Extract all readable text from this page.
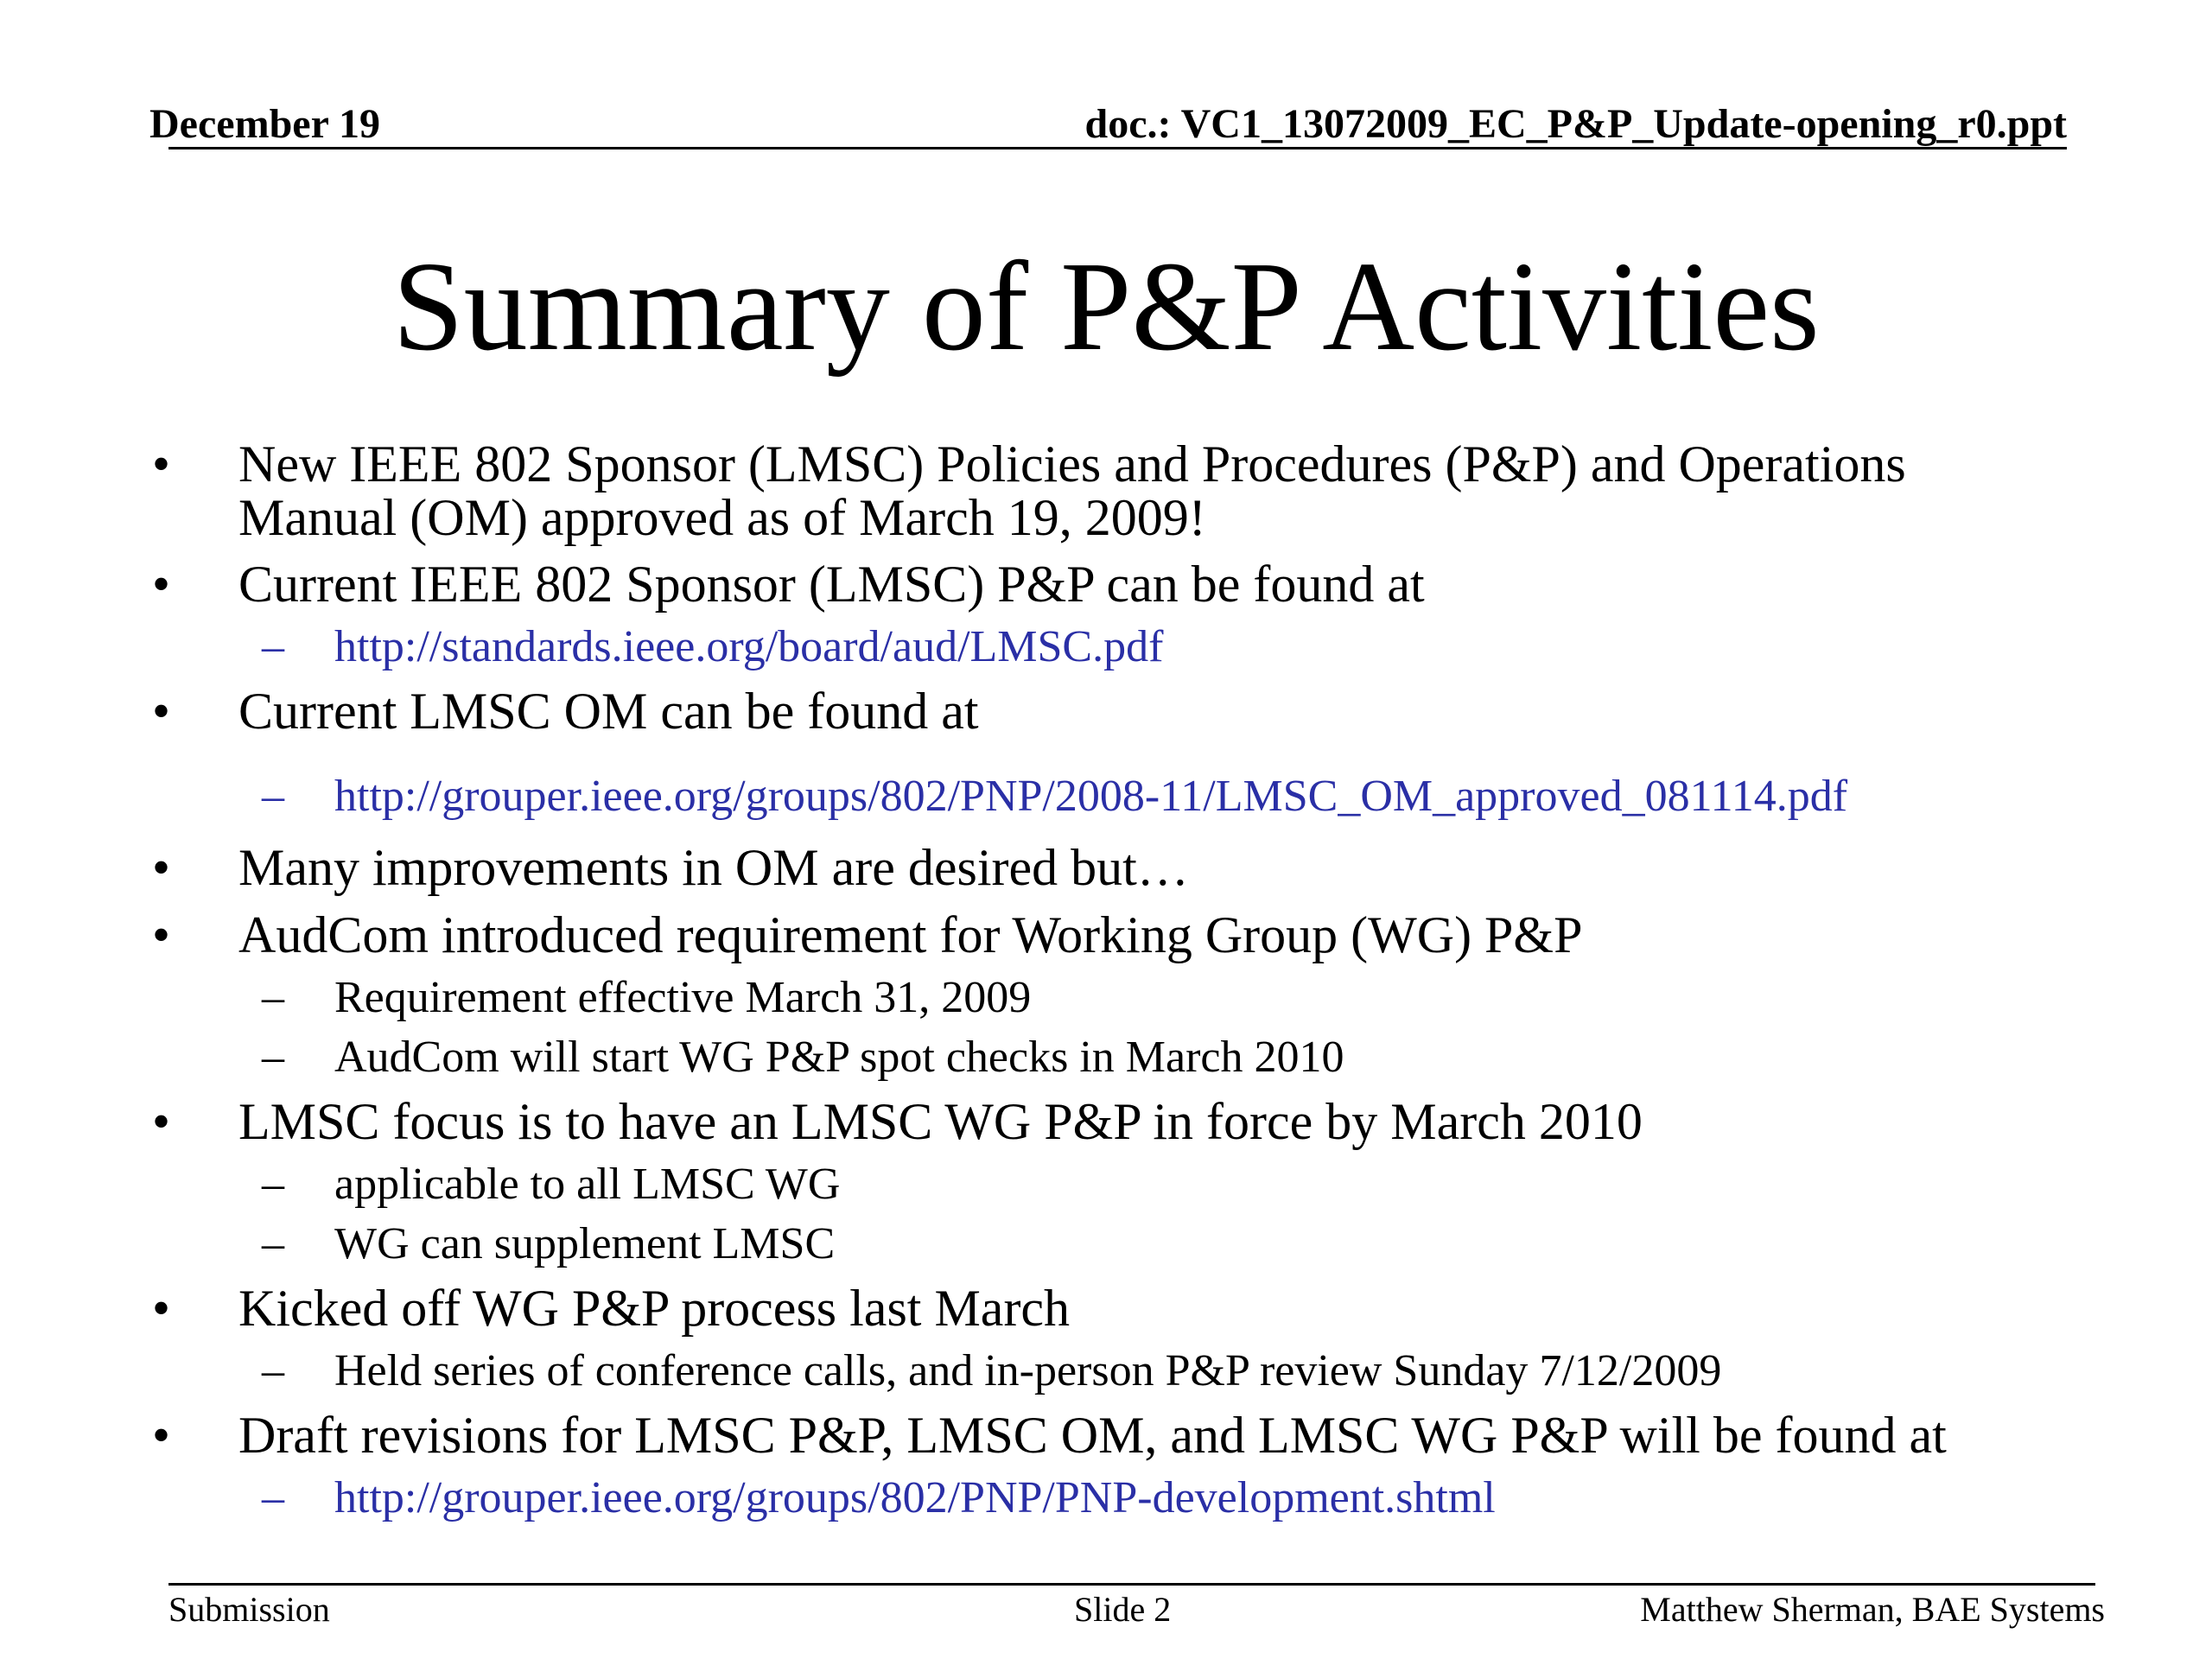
December 19	doc.: VC1_13072009_EC_P&P_Update-opening_r0.ppt
Summary of P&P Activities
• New IEEE 802 Sponsor (LMSC) Policies and Procedures (P&P) and Operations
Manual (OM) approved as of March 19, 2009!
• Current IEEE 802 Sponsor (LMSC) P&P can be found at
– http://standards.ieee.org/board/aud/LMSC.pdf
• Current LMSC OM can be found at
– http://grouper.ieee.org/groups/802/PNP/2008-11/LMSC_OM_approved_081114.pdf
• Many improvements in OM are desired but…
• AudCom introduced requirement for Working Group (WG) P&P
– Requirement effective March 31, 2009
– AudCom will start WG P&P spot checks in March 2010
• LMSC focus is to have an LMSC WG P&P in force by March 2010
– applicable to all LMSC WG
– WG can supplement LMSC
• Kicked off WG P&P process last March
– Held series of conference calls, and in-person P&P review Sunday 7/12/2009
• Draft revisions for LMSC P&P, LMSC OM, and LMSC WG P&P will be found at
– http://grouper.ieee.org/groups/802/PNP/PNP-development.shtml
Submission	Slide 2	Matthew Sherman, BAE Systems
